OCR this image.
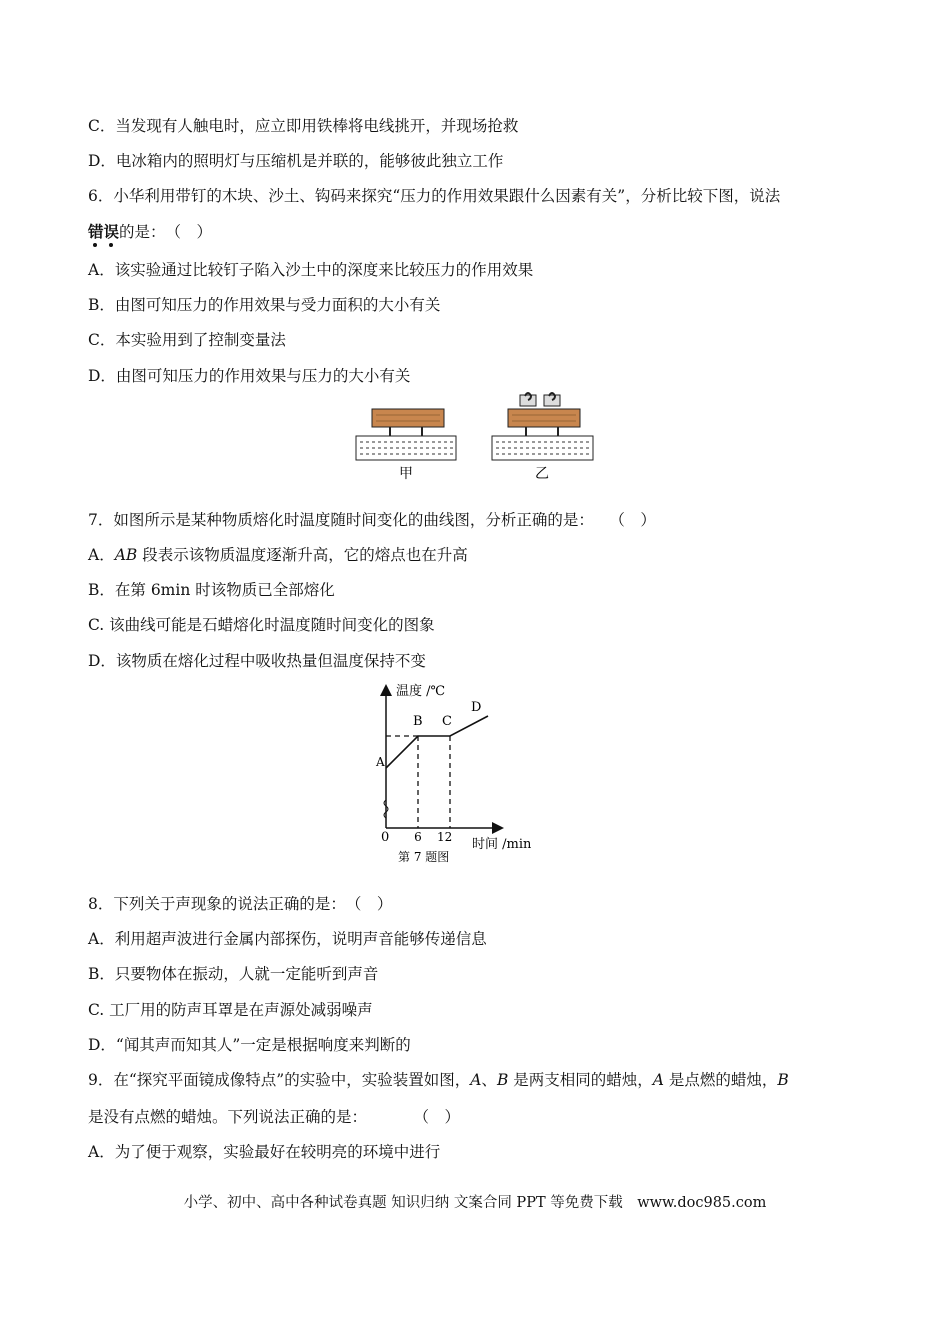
C．当发现有人触电时，应立即用铁棒将电线挑开，并现场抢救
D．电冰箱内的照明灯与压缩机是并联的，能够彼此独立工作
6．小华利用带钉的木块、沙土、钩码来探究“压力的作用效果跟什么因素有关”，分析比较下图，说法
错误
的是：　（　）
A．该实验通过比较钉子陷入沙土中的深度来比较压力的作用效果
B．由图可知压力的作用效果与受力面积的大小有关
C．本实验用到了控制变量法
D．由图可知压力的作用效果与压力的大小有关
甲	乙
7．如图所示是某种物质熔化时温度随时间变化的曲线图，分析正确的是：　　（　）
A．AB 段表示该物质温度逐渐升高，它的熔点也在升高
B．在第 6min 时该物质已全部熔化
C. 该曲线可能是石蜡熔化时温度随时间变化的图象
D．该物质在熔化过程中吸收热量但温度保持不变
温度 /℃
A
B C
D
0 6 12 时间 /min
第 7 题图
8．下列关于声现象的说法正确的是：　（　）
A．利用超声波进行金属内部探伤，说明声音能够传递信息
B．只要物体在振动，人就一定能听到声音
C. 工厂用的防声耳罩是在声源处减弱噪声
D．“闻其声而知其人”一定是根据响度来判断的
9．在“探究平面镜成像特点”的实验中，实验装置如图，A、B 是两支相同的蜡烛，A 是点燃的蜡烛，B
是没有点燃的蜡烛。下列说法正确的是：　　　　（　）
A．为了便于观察，实验最好在较明亮的环境中进行
小学、初中、高中各种试卷真题 知识归纳 文案合同 PPT 等免费下载　www.doc985.com
